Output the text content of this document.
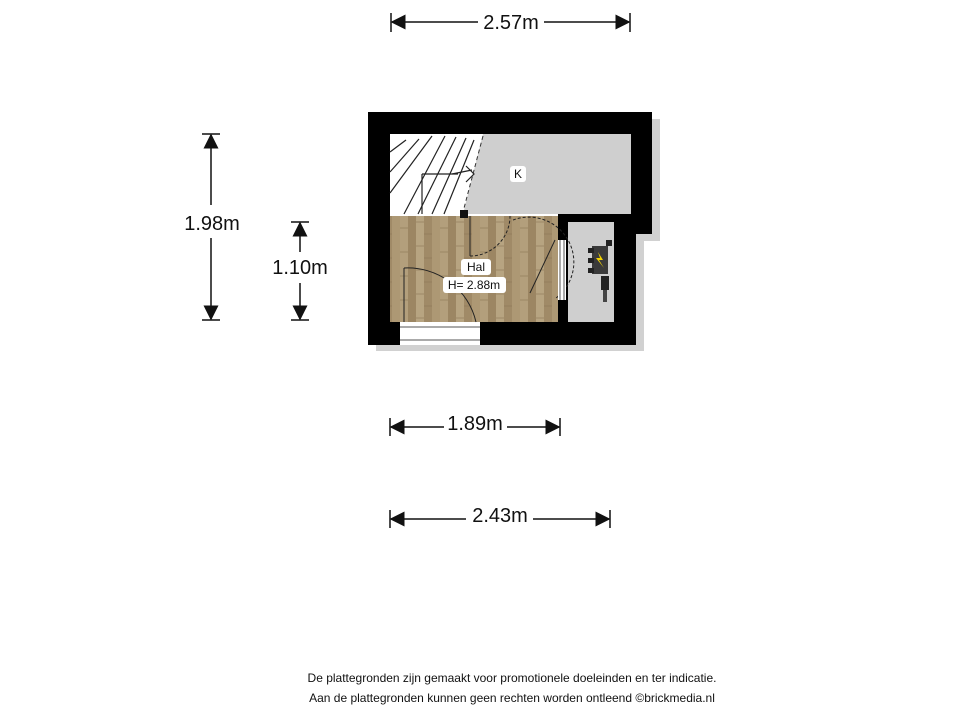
2.57m
1.98m
1.10m
K
Hal
H= 2.88m
1.89m
2.43m
De plattegronden zijn gemaakt voor promotionele doeleinden en ter indicatie.
Aan de plattegronden kunnen geen rechten worden ontleend ©brickmedia.nl
